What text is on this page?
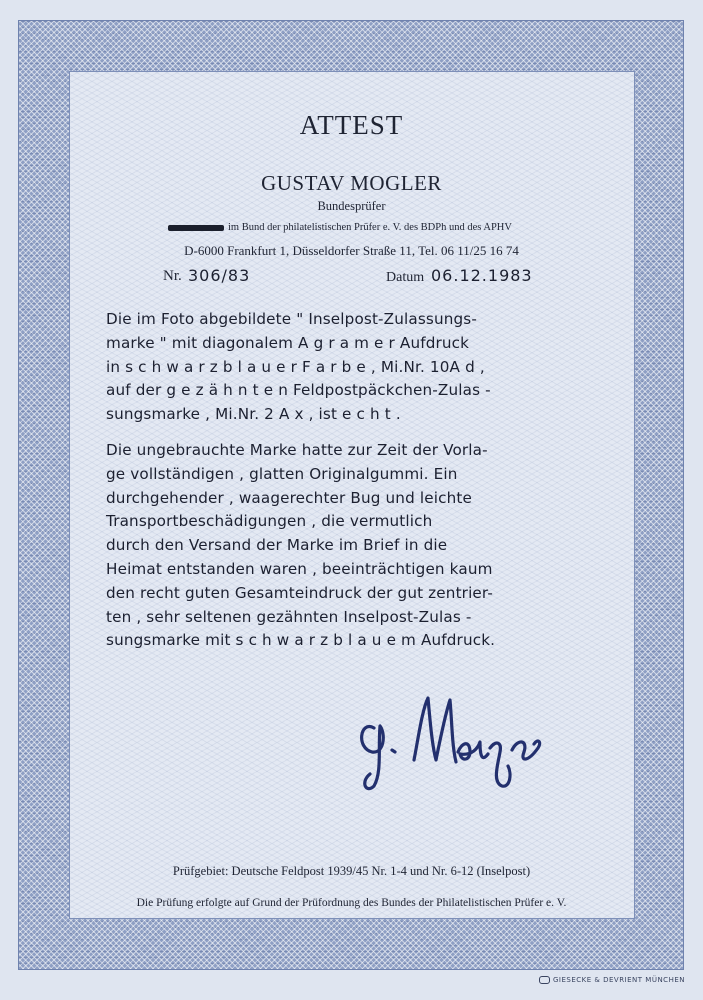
ATTEST
GUSTAV MOGLER
Bundesprüfer
im Bund der philatelistischen Prüfer e. V. des BDPh und des APHV
D-6000 Frankfurt 1, Düsseldorfer Straße 11, Tel. 06 11/25 16 74
Nr. 306/83	Datum 06.12.1983
Die im Foto abgebildete " Inselpost-Zulassungs-
marke " mit diagonalem A g r a m e r Aufdruck
in s c h w a r z b l a u e r F a r b e , Mi.Nr. 10A d ,
auf der g e z ä h n t e n Feldpostpäckchen-Zulas -
sungsmarke , Mi.Nr. 2 A x , ist e c h t .
Die ungebrauchte Marke hatte zur Zeit der Vorla-
ge vollständigen , glatten Originalgummi. Ein
durchgehender , waagerechter Bug und leichte
Transportbeschädigungen , die vermutlich
durch den Versand der Marke im Brief in die
Heimat entstanden waren , beeinträchtigen kaum
den recht guten Gesamteindruck der gut zentrier-
ten , sehr seltenen gezähnten Inselpost-Zulas -
sungsmarke mit s c h w a r z b l a u e m Aufdruck.
Prüfgebiet: Deutsche Feldpost 1939/45 Nr. 1-4 und Nr. 6-12 (Inselpost)
Die Prüfung erfolgte auf Grund der Prüfordnung des Bundes der Philatelistischen Prüfer e. V.
GIESECKE & DEVRIENT MÜNCHEN
